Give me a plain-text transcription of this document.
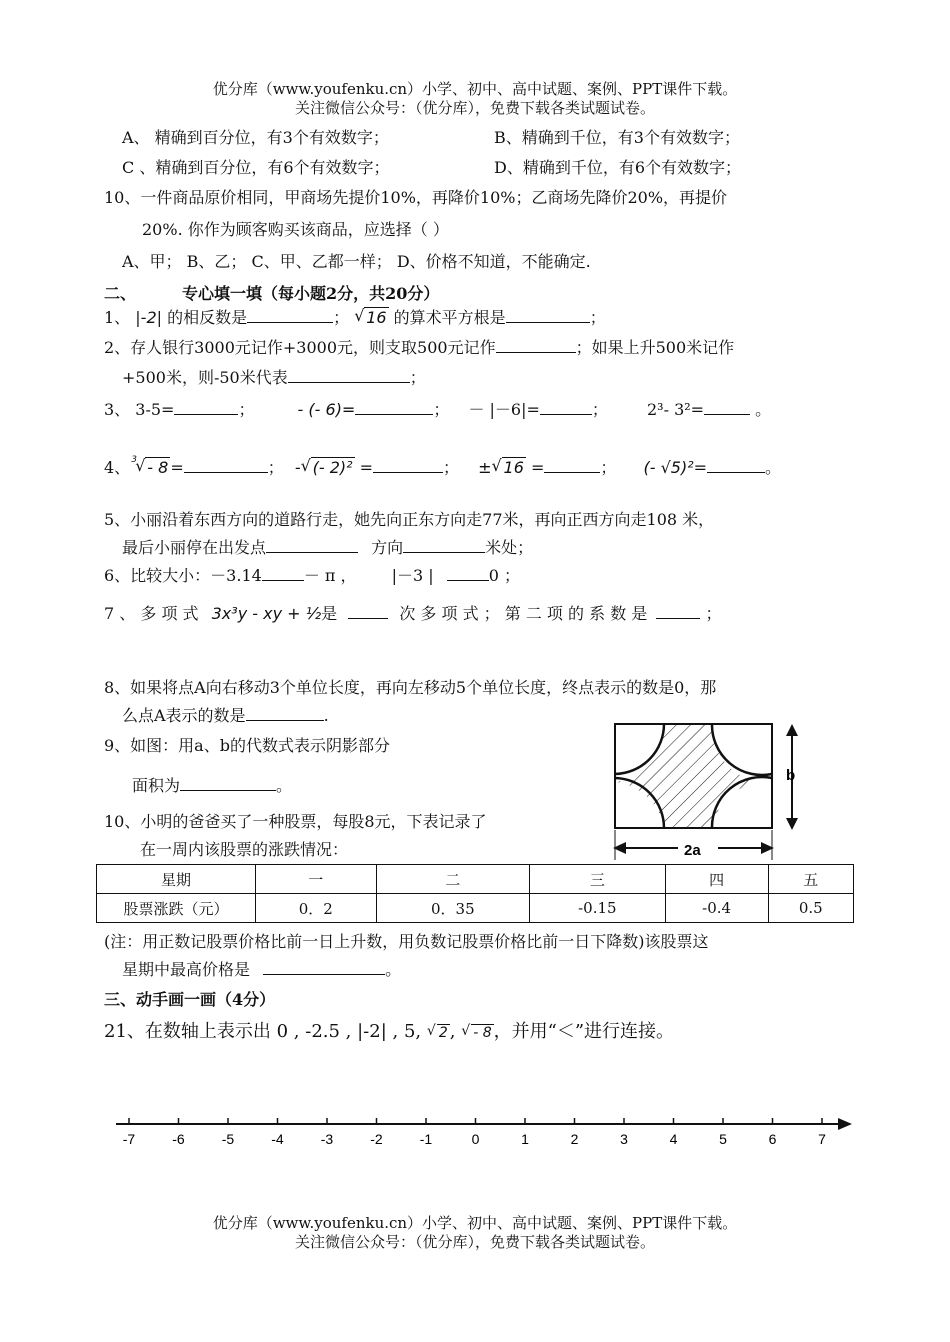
优分库（www.youfenku.cn）小学、初中、高中试题、案例、PPT课件下载。
关注微信公众号：（优分库），免费下载各类试题试卷。
A、 精确到百分位，有3个有效数字；	B、精确到千位，有3个有效数字；
C 、精确到百分位，有6个有效数字；	D、精确到千位，有6个有效数字；
10、一件商品原价相同，甲商场先提价10%，再降价10%；乙商场先降价20%，再提价
20%. 你作为顾客购买该商品，应选择（ ）
A、甲； B、乙； C、甲、乙都一样； D、价格不知道，不能确定.
二、	专心填一填（每小题2分，共20分）
1、 |-2| 的相反数是	； √ 16 的算术平方根是	；
2、存人银行3000元记作+3000元，则支取500元记作	；如果上升500米记作
+500米，则-50米代表	；
3、 3-5=	； - (- 6)=	； － |－6|=	； 2³- 3²=	。
4、 √ 3 - 8 =	； - √ (- 2)² =	； ± √ 16 =	； (- √5)²=	。
5、小丽沿着东西方向的道路行走，她先向正东方向走77米，再向正西方向走108 米，
最后小丽停在出发点	方向	米处；
6、比较大小：－3.14	－ π ， |－3 |	0 ；
7 、 多 项 式 3x³y - xy + ½是	次 多 项 式 ； 第 二 项 的 系 数 是	；
8、如果将点A向右移动3个单位长度，再向左移动5个单位长度，终点表示的数是0，那
么点A表示的数是	.
9、如图：用a、b的代数式表示阴影部分
面积为	。
b
2a
10、小明的爸爸买了一种股票，每股8元，下表记录了
在一周内该股票的涨跌情况：
星期	一	二	三	四	五
股票涨跌（元）	0．2	0．35	-0.15	-0.4	0.5
(注：用正数记股票价格比前一日上升数，用负数记股票价格比前一日下降数)该股票这
星期中最高价格是	。
三、动手画一画（4分）
21、在数轴上表示出 0 , -2.5 , |-2| , 5, √ 2 , √ - 8 ，并用“＜”进行连接。
-7	-6	-5	-4	-3	-2	-1	0	1	2	3	4	5	6	7
优分库（www.youfenku.cn）小学、初中、高中试题、案例、PPT课件下载。
关注微信公众号：（优分库），免费下载各类试题试卷。
